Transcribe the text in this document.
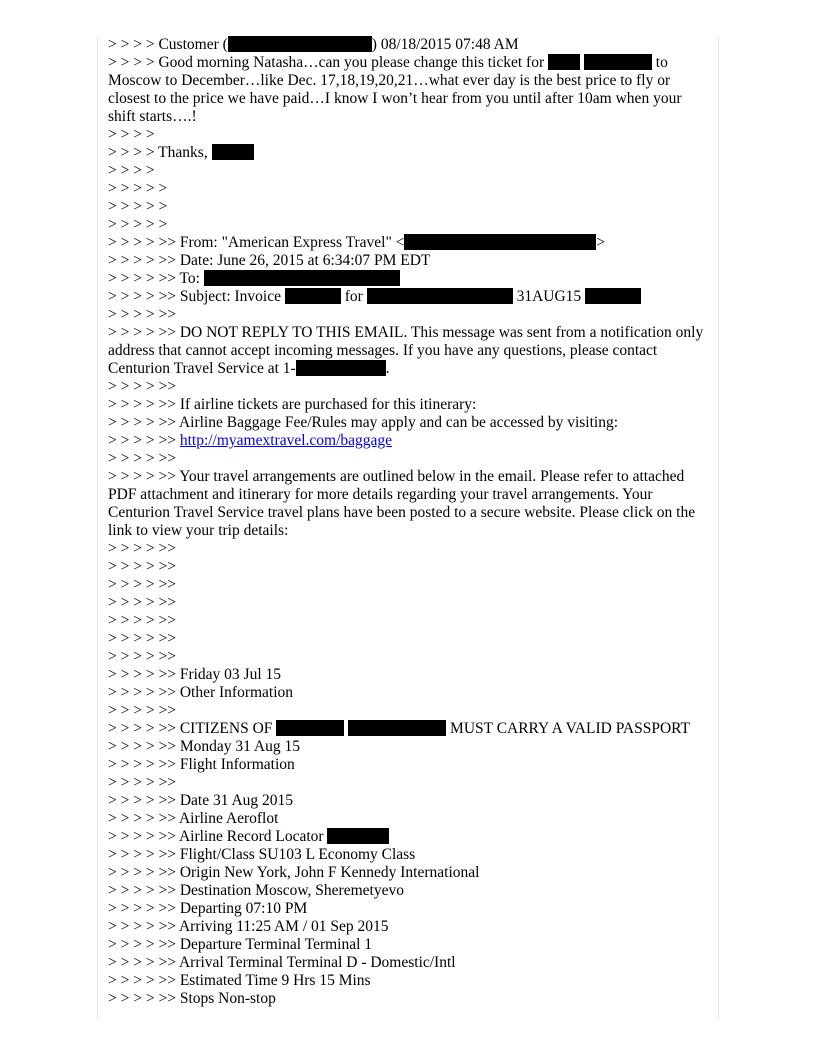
> > > > Customer (	) 08/18/2015 07:48 AM
> > > > Good morning Natasha…can you please change this ticket for	to Moscow to December…like Dec. 17,18,19,20,21…what ever day is the best price to fly or closest to the price we have paid…I know I won’t hear from you until after 10am when your shift starts….!
> > > >
> > > > Thanks,
> > > >
> > > > >
> > > > >
> > > > >
> > > > >> From: "American Express Travel" <	>
> > > > >> Date: June 26, 2015 at 6:34:07 PM EDT
> > > > >> To:
> > > > >> Subject: Invoice	for	31AUG15
> > > > >>
> > > > >> DO NOT REPLY TO THIS EMAIL. This message was sent from a notification only address that cannot accept incoming messages. If you have any questions, please contact Centurion Travel Service at 1-	.
> > > > >>
> > > > >> If airline tickets are purchased for this itinerary:
> > > > >> Airline Baggage Fee/Rules may apply and can be accessed by visiting:
> > > > >> http://myamextravel.com/baggage
> > > > >>
> > > > >> Your travel arrangements are outlined below in the email. Please refer to attached PDF attachment and itinerary for more details regarding your travel arrangements. Your Centurion Travel Service travel plans have been posted to a secure website. Please click on the link to view your trip details:
> > > > >>
> > > > >>
> > > > >>
> > > > >>
> > > > >>
> > > > >>
> > > > >>
> > > > >> Friday 03 Jul 15
> > > > >> Other Information
> > > > >>
> > > > >> CITIZENS OF	MUST CARRY A VALID PASSPORT
> > > > >> Monday 31 Aug 15
> > > > >> Flight Information
> > > > >>
> > > > >> Date 31 Aug 2015
> > > > >> Airline Aeroflot
> > > > >> Airline Record Locator
> > > > >> Flight/Class SU103 L Economy Class
> > > > >> Origin New York, John F Kennedy International
> > > > >> Destination Moscow, Sheremetyevo
> > > > >> Departing 07:10 PM
> > > > >> Arriving 11:25 AM / 01 Sep 2015
> > > > >> Departure Terminal Terminal 1
> > > > >> Arrival Terminal Terminal D - Domestic/Intl
> > > > >> Estimated Time 9 Hrs 15 Mins
> > > > >> Stops Non-stop
